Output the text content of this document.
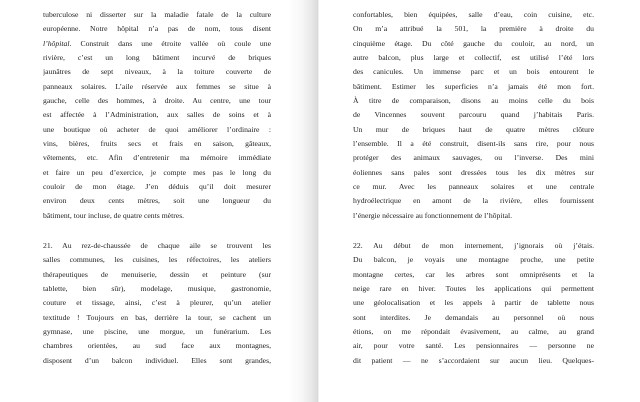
tuberculose ni disserter sur la maladie fatale de la culture
européenne. Notre hôpital n’a pas de nom, tous disent
l’hôpital. Construit dans une étroite vallée où coule une
rivière, c’est un long bâtiment incurvé de briques
jaunâtres de sept niveaux, à la toiture couverte de
panneaux solaires. L’aile réservée aux femmes se situe à
gauche, celle des hommes, à droite. Au centre, une tour
est affectée à l’Administration, aux salles de soins et à
une boutique où acheter de quoi améliorer l’ordinaire :
vins, bières, fruits secs et frais en saison, gâteaux,
vêtements, etc. Afin d’entretenir ma mémoire immédiate
et faire un peu d’exercice, je compte mes pas le long du
couloir de mon étage. J’en déduis qu’il doit mesurer
environ deux cents mètres, soit une longueur du
bâtiment, tour incluse, de quatre cents mètres.
21. Au rez-de-chaussée de chaque aile se trouvent les
salles communes, les cuisines, les réfectoires, les ateliers
thérapeutiques de menuiserie, dessin et peinture (sur
tablette, bien sûr), modelage, musique, gastronomie,
couture et tissage, ainsi, c’est à pleurer, qu’un atelier
textitude ! Toujours en bas, derrière la tour, se cachent un
gymnase, une piscine, une morgue, un funérarium. Les
chambres orientées, au sud face aux montagnes,
disposent d’un balcon individuel. Elles sont grandes,
confortables, bien équipées, salle d’eau, coin cuisine, etc.
On m’a attribué la 501, la première à droite du
cinquième étage. Du côté gauche du couloir, au nord, un
autre balcon, plus large et collectif, est utilisé l’été lors
des canicules. Un immense parc et un bois entourent le
bâtiment. Estimer les superficies n’a jamais été mon fort.
À titre de comparaison, disons au moins celle du bois
de Vincennes souvent parcouru quand j’habitais Paris.
Un mur de briques haut de quatre mètres clôture
l’ensemble. Il a été construit, disent-ils sans rire, pour nous
protéger des animaux sauvages, ou l’inverse. Des mini
éoliennes sans pales sont dressées tous les dix mètres sur
ce mur. Avec les panneaux solaires et une centrale
hydroélectrique en amont de la rivière, elles fournissent
l’énergie nécessaire au fonctionnement de l’hôpital.
22. Au début de mon internement, j’ignorais où j’étais.
Du balcon, je voyais une montagne proche, une petite
montagne certes, car les arbres sont omniprésents et la
neige rare en hiver. Toutes les applications qui permettent
une géolocalisation et les appels à partir de tablette nous
sont interdites. Je demandais au personnel où nous
étions, on me répondait évasivement, au calme, au grand
air, pour votre santé. Les pensionnaires — personne ne
dit patient — ne s’accordaient sur aucun lieu. Quelques-
